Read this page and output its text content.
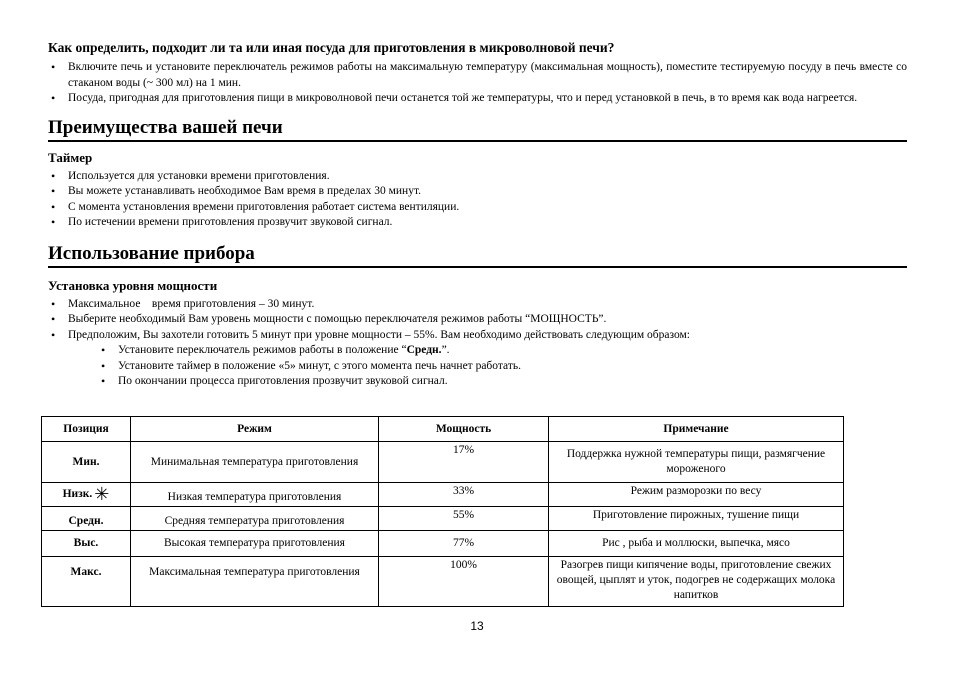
Как определить, подходит ли та или иная посуда для приготовления в микроволновой печи?
• Включите печь и установите переключатель режимов работы на максимальную температуру (максимальная мощность), поместите тестируемую посуду в печь вместе со стаканом воды (~ 300 мл) на 1 мин.
• Посуда, пригодная для приготовления пищи в микроволновой печи останется той же температуры, что и перед установкой в печь, в то время как вода нагреется.
Преимущества вашей печи
Таймер
• Используется для установки времени приготовления.
• Вы можете устанавливать необходимое Вам время в пределах 30 минут.
• С момента установления времени приготовления работает система вентиляции.
• По истечении времени приготовления прозвучит звуковой сигнал.
Использование прибора
Установка уровня мощности
• Максимальное    время приготовления – 30 минут.
• Выберите необходимый Вам уровень мощности с помощью переключателя режимов работы “МОЩНОСТЬ”.
• Предположим, Вы захотели готовить 5 минут при уровне мощности – 55%. Вам необходимо действовать следующим образом:
• Установите переключатель режимов работы в положение “Средн.”.
• Установите таймер в положение «5» минут, с этого момента печь начнет работать.
• По окончании процесса приготовления прозвучит звуковой сигнал.
Позиция	Режим	Мощность	Примечание
Мин.	Минимальная температура приготовления	17%	Поддержка нужной температуры пищи, размягчение мороженого
Низк. ✳	Низкая температура приготовления	33%	Режим разморозки по весу
Средн.	Средняя температура приготовления	55%	Приготовление пирожных, тушение пищи
Выс.	Высокая температура приготовления	77%	Рис , рыба и моллюски, выпечка, мясо
Макс.	Максимальная температура приготовления	100%	Разогрев пищи кипячение воды, приготовление свежих овощей, цыплят и уток, подогрев не содержащих молока напитков
13
